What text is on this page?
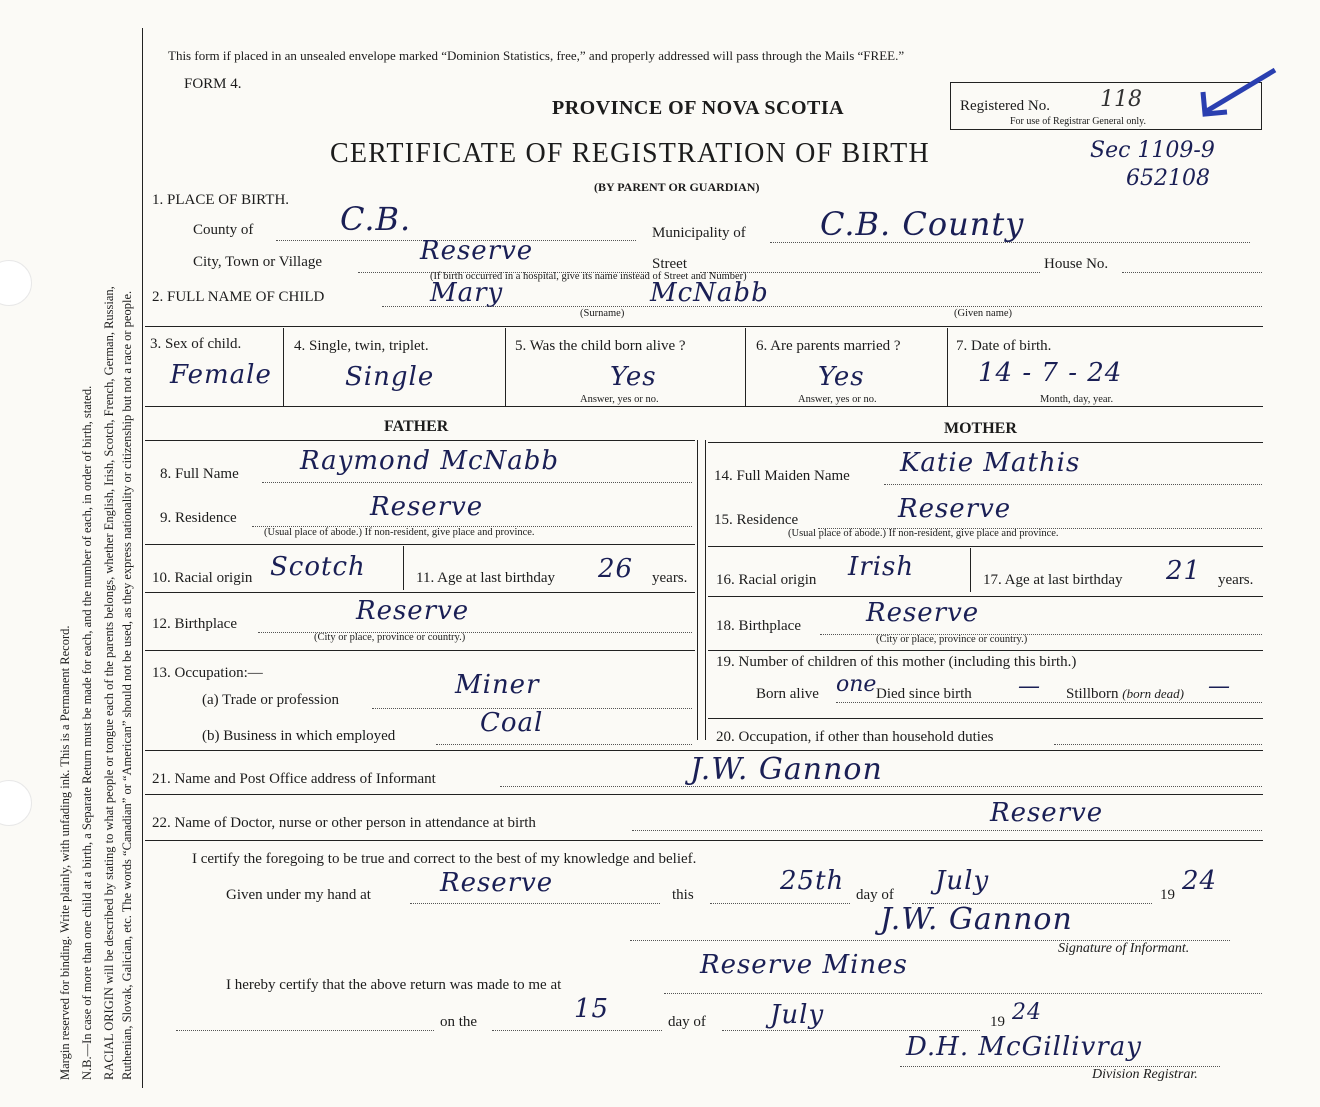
Margin reserved for binding. Write plainly, with unfading ink. This is a Permanent Record. N.B.—In case of more than one child at a birth, a Separate Return must be made for each, and the number of each, in order of birth, stated. RACIAL ORIGIN will be described by stating to what people or tongue each of the parents belongs, whether English, Irish, Scotch, French, German, Russian, Ruthenian, Slovak, Galician, etc. The words “Canadian” or “American” should not be used, as they express nationality or citizenship but not a race or people.
This form if placed in an unsealed envelope marked “Dominion Statistics, free,” and properly addressed will pass through the Mails “FREE.”
FORM 4.
PROVINCE OF NOVA SCOTIA
CERTIFICATE OF REGISTRATION OF BIRTH
(BY PARENT OR GUARDIAN)
Registered No. 118
For use of Registrar General only.
Sec 1109-9
652108
1. PLACE OF BIRTH.
County of	C.B.	Municipality of C.B. County
City, Town or Village	Reserve	Street	House No.
(If birth occurred in a hospital, give its name instead of Street and Number)
2. FULL NAME OF CHILD	Mary	McNabb
(Surname)	(Given name)
3. Sex of child.
Female
4. Single, twin, triplet.
Single
5. Was the child born alive ?
Yes
Answer, yes or no.
6. Are parents married ?
Yes
Answer, yes or no.
7. Date of birth.
14 - 7 - 24
Month, day, year.
FATHER	MOTHER
8. Full Name Raymond McNabb
9. Residence	Reserve
(Usual place of abode.) If non-resident, give place and province.
10. Racial origin Scotch	11. Age at last birthday 26 years.
12. Birthplace	Reserve
(City or place, province or country.)
13. Occupation:—
(a) Trade or profession	Miner
(b) Business in which employed	Coal
14. Full Maiden Name Katie Mathis
15. Residence	Reserve
(Usual place of abode.) If non-resident, give place and province.
16. Racial origin Irish	17. Age at last birthday 21 years.
18. Birthplace	Reserve
(City or place, province or country.)
19. Number of children of this mother (including this birth.)
Born alive one Died since birth — Stillborn (born dead) —
20. Occupation, if other than household duties
21. Name and Post Office address of Informant	J.W. Gannon
22. Name of Doctor, nurse or other person in attendance at birth	Reserve
I certify the foregoing to be true and correct to the best of my knowledge and belief.
Given under my hand at	Reserve	this	25th day of July	19 24
J.W. Gannon
Signature of Informant.
I hereby certify that the above return was made to me at
Reserve Mines
on the	15	day of July	19 24
D.H. McGillivray
Division Registrar.
